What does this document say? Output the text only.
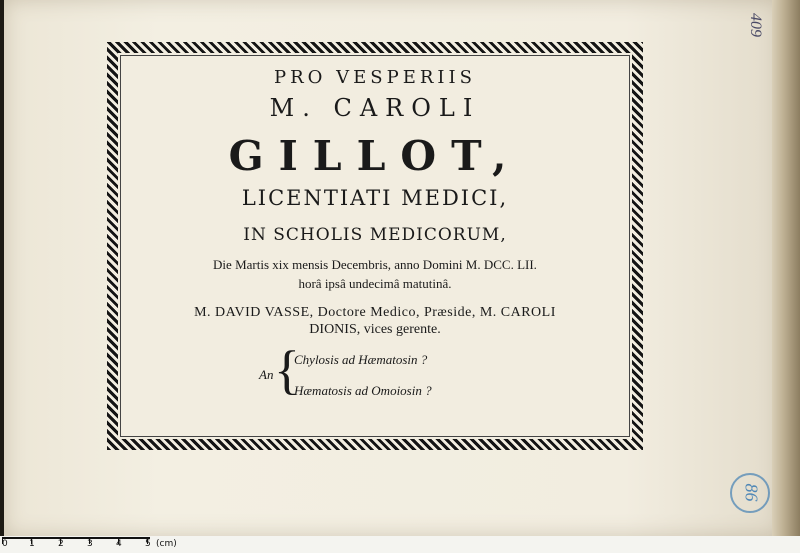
PRO VESPERIIS
M. CAROLI
GILLOT,
LICENTIATI MEDICI,
IN SCHOLIS MEDICORUM,
Die Martis xix mensis Decembris, anno Domini M. DCC. LII.
horâ ipsâ undecimâ matutinâ.
M. DAVID VASSE, Doctore Medico, Præside, M. CAROLI
DIONIS, vices gerente.
An {
Chylosis ad Hæmatosin ?
Hæmatosis ad Omoiosin ?
409
86
0 1	2	3	4	5 (cm)
